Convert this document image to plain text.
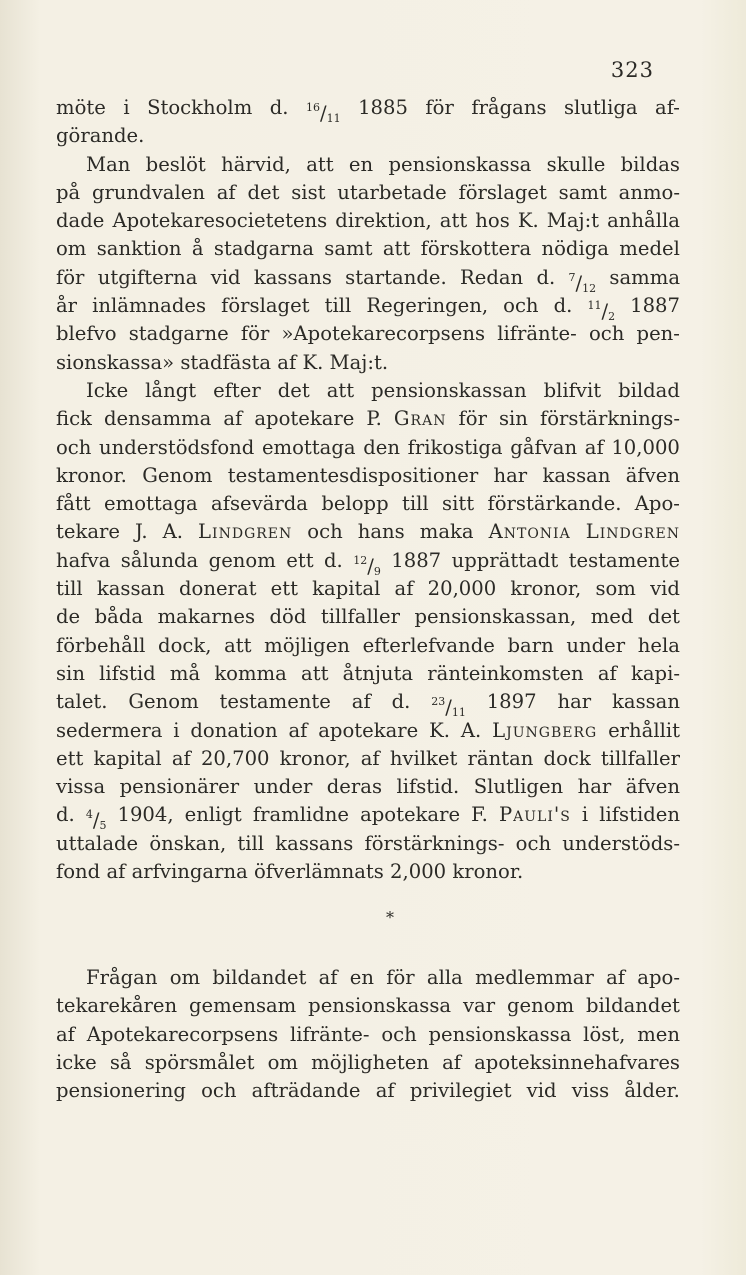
323
möte i Stockholm d. $^{16}/_{11}$ 1885 för frågans slutliga af-
görande.
Man beslöt härvid, att en pensionskassa skulle bildas
på grundvalen af det sist utarbetade förslaget samt anmo-
dade Apotekaresocietetens direktion, att hos K. Maj:t anhålla
om sanktion å stadgarna samt att förskottera nödiga medel
för utgifterna vid kassans startande. Redan d. $^7/_{12}$ samma
år inlämnades förslaget till Regeringen, och d. $^{11}/_2$ 1887
blefvo stadgarne för »Apotekarecorpsens lifränte- och pen-
sionskassa» stadfästa af K. Maj:t.
Icke långt efter det att pensionskassan blifvit bildad
fick densamma af apotekare P. Gran för sin förstärknings-
och understödsfond emottaga den frikostiga gåfvan af 10,000
kronor. Genom testamentesdispositioner har kassan äfven
fått emottaga afsevärda belopp till sitt förstärkande. Apo-
tekare J. A. Lindgren och hans maka Antonia Lindgren
hafva sålunda genom ett d. $^{12}/_9$ 1887 upprättadt testamente
till kassan donerat ett kapital af 20,000 kronor, som vid
de båda makarnes död tillfaller pensionskassan, med det
förbehåll dock, att möjligen efterlefvande barn under hela
sin lifstid må komma att åtnjuta ränteinkomsten af kapi-
talet. Genom testamente af d. $^{23}/_{11}$ 1897 har kassan
sedermera i donation af apotekare K. A. Ljungberg erhållit
ett kapital af 20,700 kronor, af hvilket räntan dock tillfaller
vissa pensionärer under deras lifstid. Slutligen har äfven
d. $^4/_5$ 1904, enligt framlidne apotekare F. Pauli's i lifstiden
uttalade önskan, till kassans förstärknings- och understöds-
fond af arfvingarna öfverlämnats 2,000 kronor.
*
Frågan om bildandet af en för alla medlemmar af apo-
tekarekåren gemensam pensionskassa var genom bildandet
af Apotekarecorpsens lifränte- och pensionskassa löst, men
icke så spörsmålet om möjligheten af apoteksinnehafvares
pensionering och afträdande af privilegiet vid viss ålder.
